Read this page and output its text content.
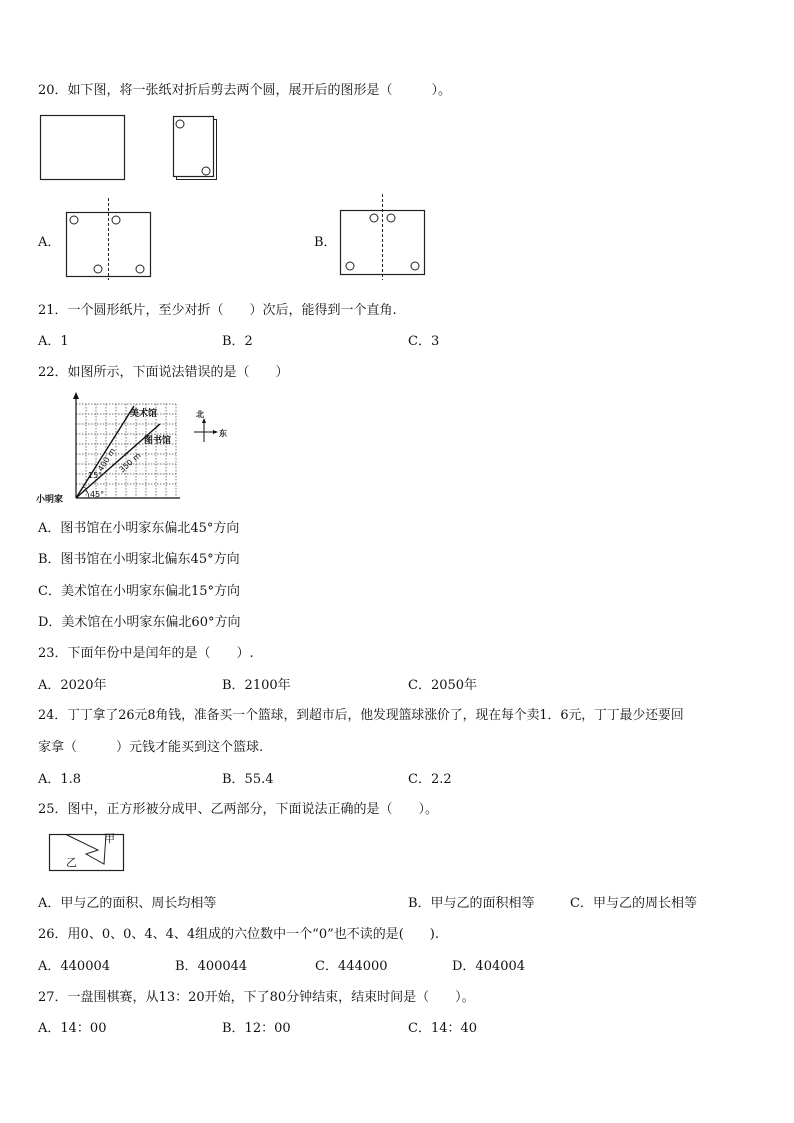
20．如下图，将一张纸对折后剪去两个圆，展开后的图形是（　　　）。
A．	B．
21．一个圆形纸片，至少对折（　　）次后，能得到一个直角.
A．1	B．2	C．3
22．如图所示，下面说法错误的是（　　）
美术馆
图书馆
小明家
400 m 350 m
15°
45°
北
东
A．图书馆在小明家东偏北45°方向
B．图书馆在小明家北偏东45°方向
C．美术馆在小明家东偏北15°方向
D．美术馆在小明家东偏北60°方向
23．下面年份中是闰年的是（　　）.
A．2020年	B．2100年	C．2050年
24．丁丁拿了26元8角钱，准备买一个篮球，到超市后，他发现篮球涨价了，现在每个卖1．6元，丁丁最少还要回
家拿（　　　）元钱才能买到这个篮球.
A．1.8	B．55.4	C．2.2
25．图中，正方形被分成甲、乙两部分，下面说法正确的是（　　）。
甲
乙
A．甲与乙的面积、周长均相等	B．甲与乙的面积相等	C．甲与乙的周长相等
26．用0、0、0、4、4、4组成的六位数中一个“0”也不读的是(　　).
A．440004	B．400044	C．444000	D．404004
27．一盘围棋赛，从13：20开始，下了80分钟结束，结束时间是（　　）。
A．14：00	B．12：00	C．14：40
